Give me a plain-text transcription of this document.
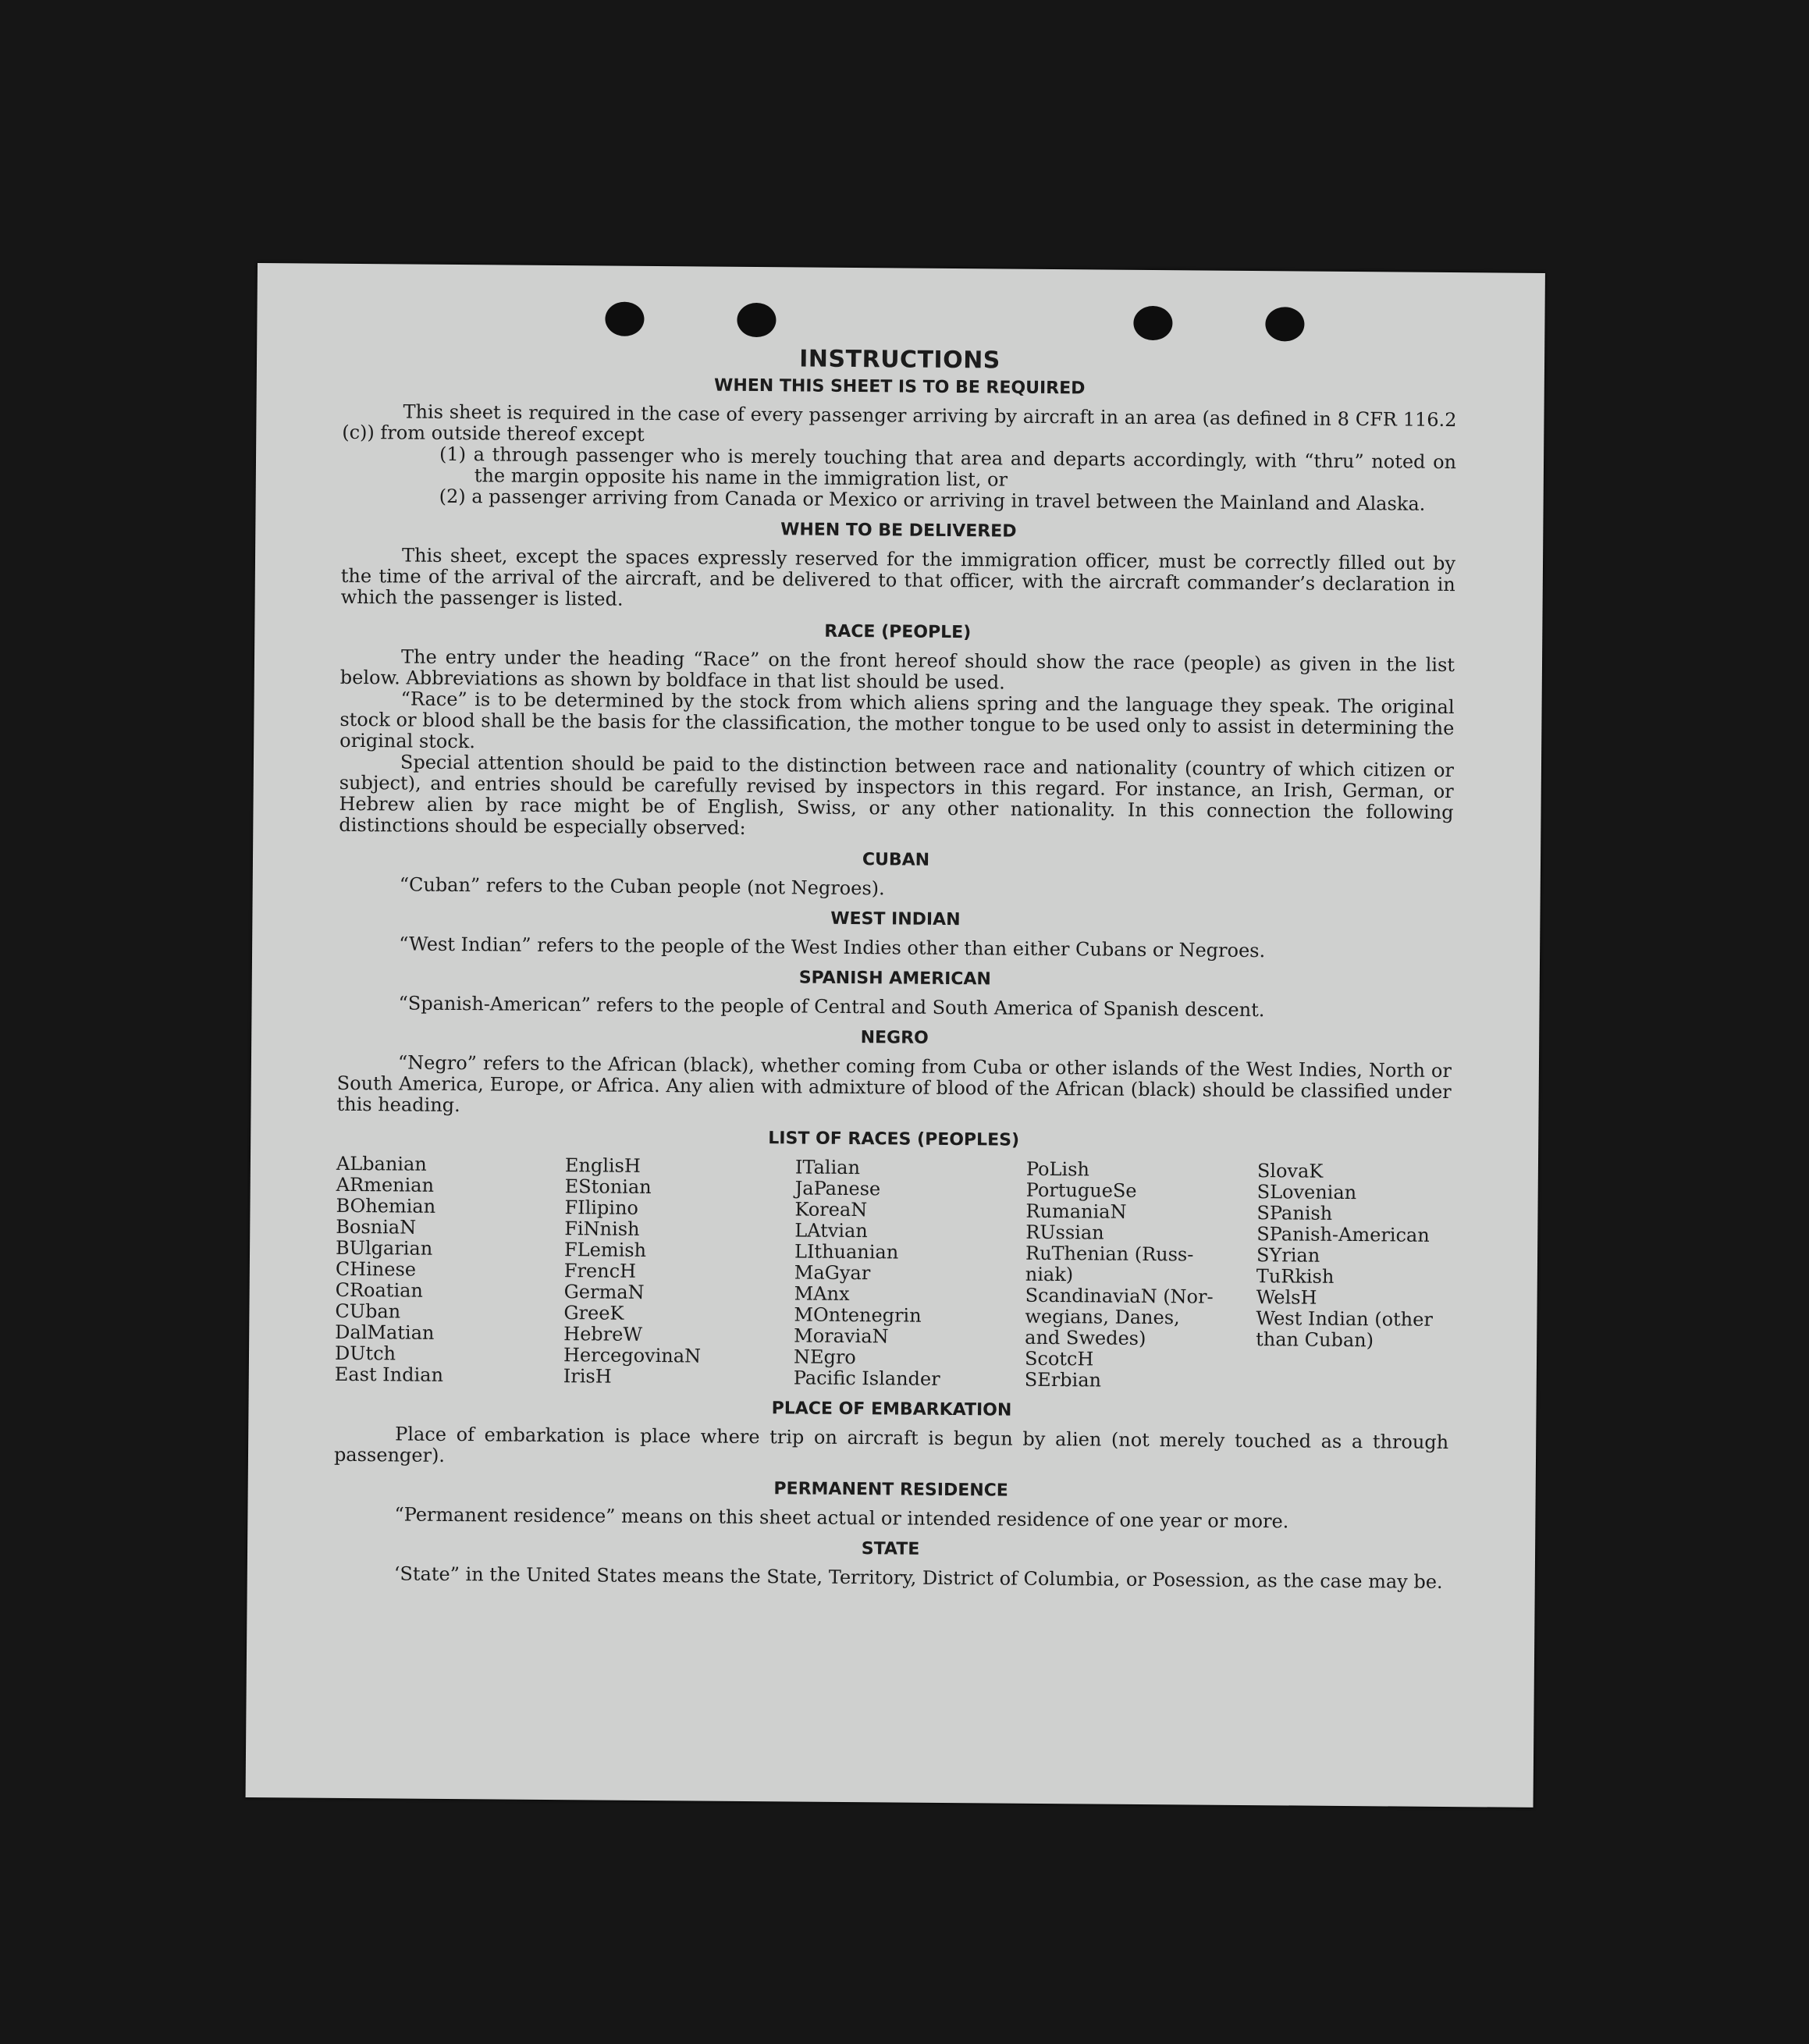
INSTRUCTIONS
WHEN THIS SHEET IS TO BE REQUIRED

This sheet is required in the case of every passenger arriving by aircraft in an area (as defined in 8 CFR 116.2 (c)) from outside thereof except

(1) a through passenger who is merely touching that area and departs accordingly, with “thru” noted on the margin opposite his name in the immigration list, or
(2) a passenger arriving from Canada or Mexico or arriving in travel between the Mainland and Alaska.
WHEN TO BE DELIVERED

This sheet, except the spaces expressly reserved for the immigration officer, must be correctly filled out by the time of the arrival of the aircraft, and be delivered to that officer, with the aircraft commander’s declaration in which the passenger is listed.

RACE (PEOPLE)

The entry under the heading “Race” on the front hereof should show the race (people) as given in the list below. Abbreviations as shown by boldface in that list should be used.

“Race” is to be determined by the stock from which aliens spring and the language they speak. The original stock or blood shall be the basis for the classification, the mother tongue to be used only to assist in determining the original stock.

Special attention should be paid to the distinction between race and nationality (country of which citizen or subject), and entries should be carefully revised by inspectors in this regard. For instance, an Irish, German, or Hebrew alien by race might be of English, Swiss, or any other nationality. In this connection the following distinctions should be especially observed:

CUBAN

“Cuban” refers to the Cuban people (not Negroes).

WEST INDIAN

“West Indian” refers to the people of the West Indies other than either Cubans or Negroes.

SPANISH AMERICAN

“Spanish-American” refers to the people of Central and South America of Spanish descent.

NEGRO

“Negro” refers to the African (black), whether coming from Cuba or other islands of the West Indies, North or South America, Europe, or Africa. Any alien with admixture of blood of the African (black) should be classified under this heading.

LIST OF RACES (PEOPLES)
ALbanian
ARmenian
BOhemian
BosniaN
BUlgarian
CHinese
CRoatian
CUban
DalMatian
DUtch
East Indian
EnglisH
EStonian
FIlipino
FiNnish
FLemish
FrencH
GermaN
GreeK
HebreW
HercegovinaN
IrisH
ITalian
JaPanese
KoreaN
LAtvian
LIthuanian
MaGyar
MAnx
MOntenegrin
MoraviaN
NEgro
Pacific Islander
PoLish
PortugueSe
RumaniaN
RUssian
RuThenian (Russ-
niak)
ScandinaviaN (Nor-
wegians, Danes,
and Swedes)
ScotcH
SErbian
SlovaK
SLovenian
SPanish
SPanish-American
SYrian
TuRkish
WelsH
West Indian (other
than Cuban)
PLACE OF EMBARKATION

Place of embarkation is place where trip on aircraft is begun by alien (not merely touched as a through passenger).

PERMANENT RESIDENCE

“Permanent residence” means on this sheet actual or intended residence of one year or more.

STATE

‘State” in the United States means the State, Territory, District of Columbia, or Posession, as the case may be.
